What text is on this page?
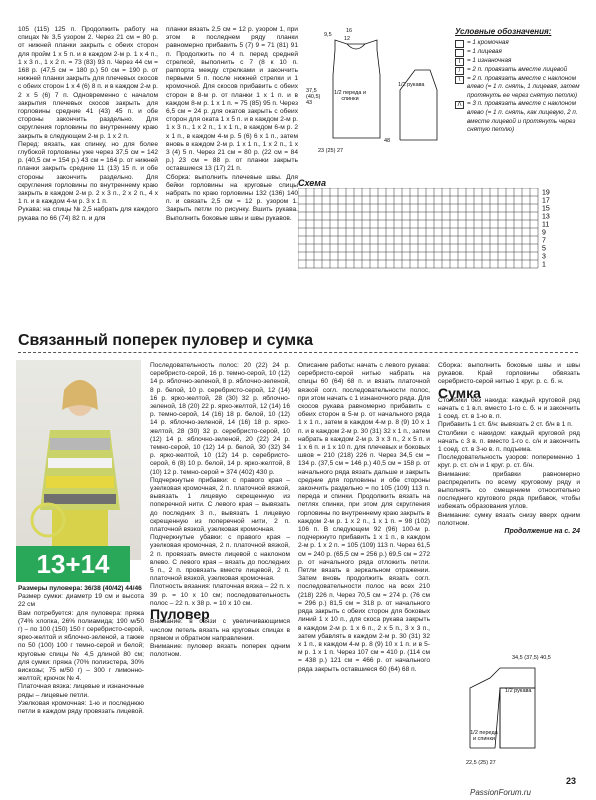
105 (115) 125 п. Продолжить работу на спицах № 3,5 узором 2. Через 21 см = 80 р. от нижней планки закрыть с обеих сторон для пройм 1 х 5 п. и в каждом 2-м р. 1 х 4 п., 1 х 3 п., 1 х 2 п. = 73 (83) 93 п. Через 44 см = 168 р. (47,5 см = 180 р.) 50 см = 190 р. от нижней планки закрыть для плечевых скосов с обеих сторон 1 х 4 (6) 8 п. и в каждом 2-м р. 2 х 5 (6) 7 п. Одновременно с началом закрытия плечевых скосов закрыть для горловины средние 41 (43) 45 п. и обе стороны закончить раздельно. Для скругления горловины по внутреннему краю закрыть в следующем 2-м р. 1 х 2 п.

Перед: вязать, как спинку, но для более глубокой горловины уже через 37,5 см = 142 р. (40,5 см = 154 р.) 43 см = 164 р. от нижней планки закрыть средние 11 (13) 15 п. и обе стороны закончить раздельно. Для скругления горловины по внутреннему краю закрыть в каждом 2-м р. 2 х 3 п., 2 х 2 п., 4 х 1 п. и в каждом 4-м р. 3 х 1 п.

Рукава: на спицы № 2,5 набрать для каждого рукава по 66 (74) 82 п. и для

планки вязать 2,5 см = 12 р. узором 1, при этом в последнем ряду планки равномерно прибавить 5 (7) 9 = 71 (81) 91 п. Продолжить по 4 п. перед средней стрелкой, выполнить с 7 (8 к 10 п. раппорта между стрелками и закончить первыми 5 п. после нижней стрелки и 1 кромочной. Для скосов прибавить с обеих сторон в 8-м р. от планки 1 х 1 п. и в каждом 8-м р. 1 х 1 п. = 75 (85) 95 п. Через 6,5 см = 24 р. для окатов закрыть с обеих сторон для оката 1 х 5 п. и в каждом 2-м р. 1 х 3 п., 1 х 2 п., 1 х 1 п., в каждом 6-м р. 2 х 1 п., в каждом 4-м р. 5 (6) 6 х 1 п., затем вновь в каждом 2-м р. 1 х 1 п., 1 х 2 п., 1 х 3 (4) 5 п. Через 21 см = 80 р. (22 см = 84 р.) 23 см = 88 р. от планки закрыть оставшиеся 13 (17) 21 п.

Сборка: выполнить плечевые швы. Для бейки горловины на круговые спицы набрать по краю горловины 132 (136) 140 п. и связать 2,5 см = 12 р. узором 1. Закрыть петли по рисунку. Вшить рукава. Выполнить боковые швы и швы рукавов.

9,5
16
12
1/2 переда и спинки
1/2 рукава
23 (25) 27
37,5
(40,5)
43
48
Условные обозначения:
= 1 кромочная
= 1 лицевая
I	= 1 изнаночная
/	= 2 п. провязать вместе лицевой
\	= 2 п. провязать вместе с наклоном влево (= 1 п. снять, 1 лицевая, затем протянуть ее через снятую петлю)
Λ = 3 п. провязать вместе с наклоном влево (= 1 п. снять, как лицевую, 2 п. вместе лицевой и протянуть через снятую петлю)
Схема
19
17
15
13
11
9
7
5
3
1
Связанный поперек пуловер и сумка
13+14

Размеры пуловера: 36/38 (40/42) 44/46

Размер сумки: диаметр 19 см и высота 22 см

Вам потребуется: для пуловера: пряжа (74% хлопка, 26% полиамида; 190 м/50 г) – по 100 (150) 150 г серебристо-серой, ярко-желтой и яблочно-зеленой, а также по 50 (100) 100 г темно-серой и белой; круговые спицы № 4,5 длиной 80 см; для сумки: пряжа (70% полиэстера, 30% вискозы; 75 м/50 г) – 300 г лимонно-желтой; крючок № 4.

Платочная вязка: лицевые и изнаночные ряды – лицевые петли.

Узелковая кромочная: 1-ю и последнюю петли в каждом ряду провязать лицевой.

Последовательность полос: 20 (22) 24 р. серебристо-серой, 16 р. темно-серой, 10 (12) 14 р. яблочно-зеленой, 8 р. яблочно-зеленой, 8 р. белой, 10 р. серебристо-серой, 12 (14) 16 р. ярко-желтой, 28 (30) 32 р. яблочно-зеленой, 18 (20) 22 р. ярко-желтой, 12 (14) 16 р. темно-серой, 14 (16) 18 р. белой, 10 (12) 14 р. яблочно-зеленой, 14 (16) 18 р. ярко-желтой, 28 (30) 32 р. серебристо-серой, 10 (12) 14 р. яблочно-зеленой, 20 (22) 24 р. темно-серой, 10 (12) 14 р. белой, 30 (32) 34 р. ярко-желтой, 10 (12) 14 р. серебристо-серой, 6 (8) 10 р. белой, 14 р. ярко-желтой, 8 (10) 12 р. темно-серой = 374 (402) 430 р.

Подчеркнутые прибавки: с правого края – узелковая кромочная, 2 п. платочной вязкой, вывязать 1 лицевую скрещенную из поперечной нити. С левого края – вывязать до последних 3 п., вывязать 1 лицевую скрещенную из поперечной нити, 2 п. платочной вязкой, узелковая кромочная.

Подчеркнутые убавки: с правого края – узелковая кромочная, 2 п. платочной вязкой, 2 п. провязать вместе лицевой с наклоном влево. С левого края – вязать до последних 5 п., 2 п. провязать вместе лицевой, 2 п. платочной вязкой, узелковая кромочная.

Плотность вязания: платочная вязка – 22 п. х 39 р. = 10 х 10 см; последовательность полос – 22 п. х 38 р. = 10 х 10 см.

Пуловер

Внимание: в связи с увеличивающимся числом петель вязать на круговых спицах в прямом и обратном направлении.

Внимание: пуловер вязать поперек одним полотном.

Описание работы: начать с левого рукава: серебристо-серой нитью набрать на спицы 60 (64) 68 п. и вязать платочной вязкой согл. последовательности полос, при этом начать с 1 изнаночного ряда. Для скосов рукава равномерно прибавить с обеих сторон в 5-м р. от начального ряда 1 х 1 п., затем в каждом 4-м р. 8 (9) 10 х 1 п. и в каждом 2-м р. 30 (31) 32 х 1 п., затем набрать в каждом 2-м р. 3 х 3 п., 2 х 5 п. и 1 х 6 п. и 1 х 10 п. для плечевых и боковых швов = 210 (218) 226 п. Через 34,5 см = 134 р. (37,5 см = 146 р.) 40,5 см = 158 р. от начального ряда вязать дальше и закрыть средние для горловины и обе стороны закончить раздельно = по 105 (109) 113 п. переда и спинки. Продолжить вязать на петлях спинки, при этом для скругления горловины по внутреннему краю закрыть в каждом 2-м р. 1 х 2 п., 1 х 1 п. = 98 (102) 106 п. В следующем 92 (96) 100-м р. подчеркнуто прибавить 1 х 1 п., в каждом 2-м р. 1 х 2 п. = 105 (109) 113 п. Через 61,5 см = 240 р. (65,5 см = 256 р.) 69,5 см = 272 р. от начального ряда отложить петли. Петли вязать в зеркальном отражении. Затем вновь продолжить вязать согл. последовательности полос на всех 210 (218) 226 п. Через 70,5 см = 274 р. (76 см = 296 р.) 81,5 см = 318 р. от начального ряда закрыть с обеих сторон для боковых линий 1 х 10 п., для скоса рукава закрыть в каждом 2-м р. 1 х 6 п., 2 х 5 п., 3 х 3 п., затем убавлять в каждом 2-м р. 30 (31) 32 х 1 п., в каждом 4-м р. 8 (9) 10 х 1 п. и в 5-м р. 1 х 1 п. Через 107 см = 410 р. (114 см = 438 р.) 121 см = 466 р. от начального ряда закрыть оставшиеся 60 (64) 68 п.

Сборка: выполнить боковые швы и швы рукавов. Край горловины обвязать серебристо-серой нитью 1 круг. р. с. б. н.

Сумка

Столбики без накида: каждый круговой ряд начать с 1 в.п. вместо 1-го с. б. н и закончить 1 соед. ст. в 1-ю в. п.

Прибавить 1 ст. б/н: вывязать 2 ст. б/н в 1 п.

Столбики с накидом: каждый круговой ряд начать с 3 в. п. вместо 1-го с. с/н и закончить 1 соед. ст. в 3-ю в. п. подъема.

Последовательность узоров: попеременно 1 круг. р. ст. с/н и 1 круг. р. ст. б/н.

Внимание: прибавки равномерно распределить по всему круговому ряду и выполнять со смещением относительно последнего кругового ряда прибавок, чтобы избежать образования углов.

Внимание: сумку вязать снизу вверх одним полотном.

Продолжение на с. 24

1/2 рукава
1/2 переда и спинки
34,5 (37,5) 40,5
22,5 (25) 27
23
PassionForum.ru
